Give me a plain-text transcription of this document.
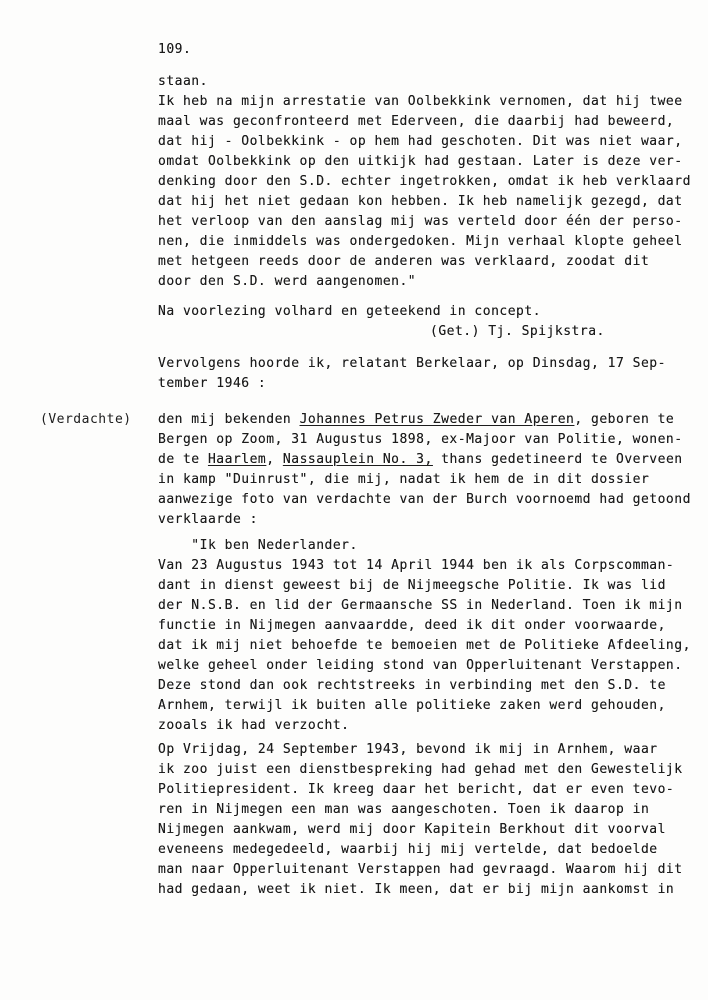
109.
staan.
Ik heb na mijn arrestatie van Oolbekkink vernomen, dat hij twee
maal was geconfronteerd met Ederveen, die daarbij had beweerd,
dat hij - Oolbekkink - op hem had geschoten. Dit was niet waar,
omdat Oolbekkink op den uitkijk had gestaan. Later is deze ver-
denking door den S.D. echter ingetrokken, omdat ik heb verklaard
dat hij het niet gedaan kon hebben. Ik heb namelijk gezegd, dat
het verloop van den aanslag mij was verteld door één der perso-
nen, die inmiddels was ondergedoken. Mijn verhaal klopte geheel
met hetgeen reeds door de anderen was verklaard, zoodat dit
door den S.D. werd aangenomen."
Na voorlezing volhard en geteekend in concept.
(Get.) Tj. Spijkstra.
Vervolgens hoorde ik, relatant Berkelaar, op Dinsdag, 17 Sep-
tember 1946 :
(Verdachte) den mij bekenden Johannes Petrus Zweder van Aperen, geboren te
Bergen op Zoom, 31 Augustus 1898, ex-Majoor van Politie, wonen-
de te Haarlem, Nassauplein No. 3, thans gedetineerd te Overveen
in kamp "Duinrust", die mij, nadat ik hem de in dit dossier
aanwezige foto van verdachte van der Burch voornoemd had getoond
verklaarde :
"Ik ben Nederlander.
Van 23 Augustus 1943 tot 14 April 1944 ben ik als Corpscomman-
dant in dienst geweest bij de Nijmeegsche Politie. Ik was lid
der N.S.B. en lid der Germaansche SS in Nederland. Toen ik mijn
functie in Nijmegen aanvaardde, deed ik dit onder voorwaarde,
dat ik mij niet behoefde te bemoeien met de Politieke Afdeeling,
welke geheel onder leiding stond van Opperluitenant Verstappen.
Deze stond dan ook rechtstreeks in verbinding met den S.D. te
Arnhem, terwijl ik buiten alle politieke zaken werd gehouden,
zooals ik had verzocht.
Op Vrijdag, 24 September 1943, bevond ik mij in Arnhem, waar
ik zoo juist een dienstbespreking had gehad met den Gewestelijk
Politiepresident. Ik kreeg daar het bericht, dat er even tevo-
ren in Nijmegen een man was aangeschoten. Toen ik daarop in
Nijmegen aankwam, werd mij door Kapitein Berkhout dit voorval
eveneens medegedeeld, waarbij hij mij vertelde, dat bedoelde
man naar Opperluitenant Verstappen had gevraagd. Waarom hij dit
had gedaan, weet ik niet. Ik meen, dat er bij mijn aankomst in
